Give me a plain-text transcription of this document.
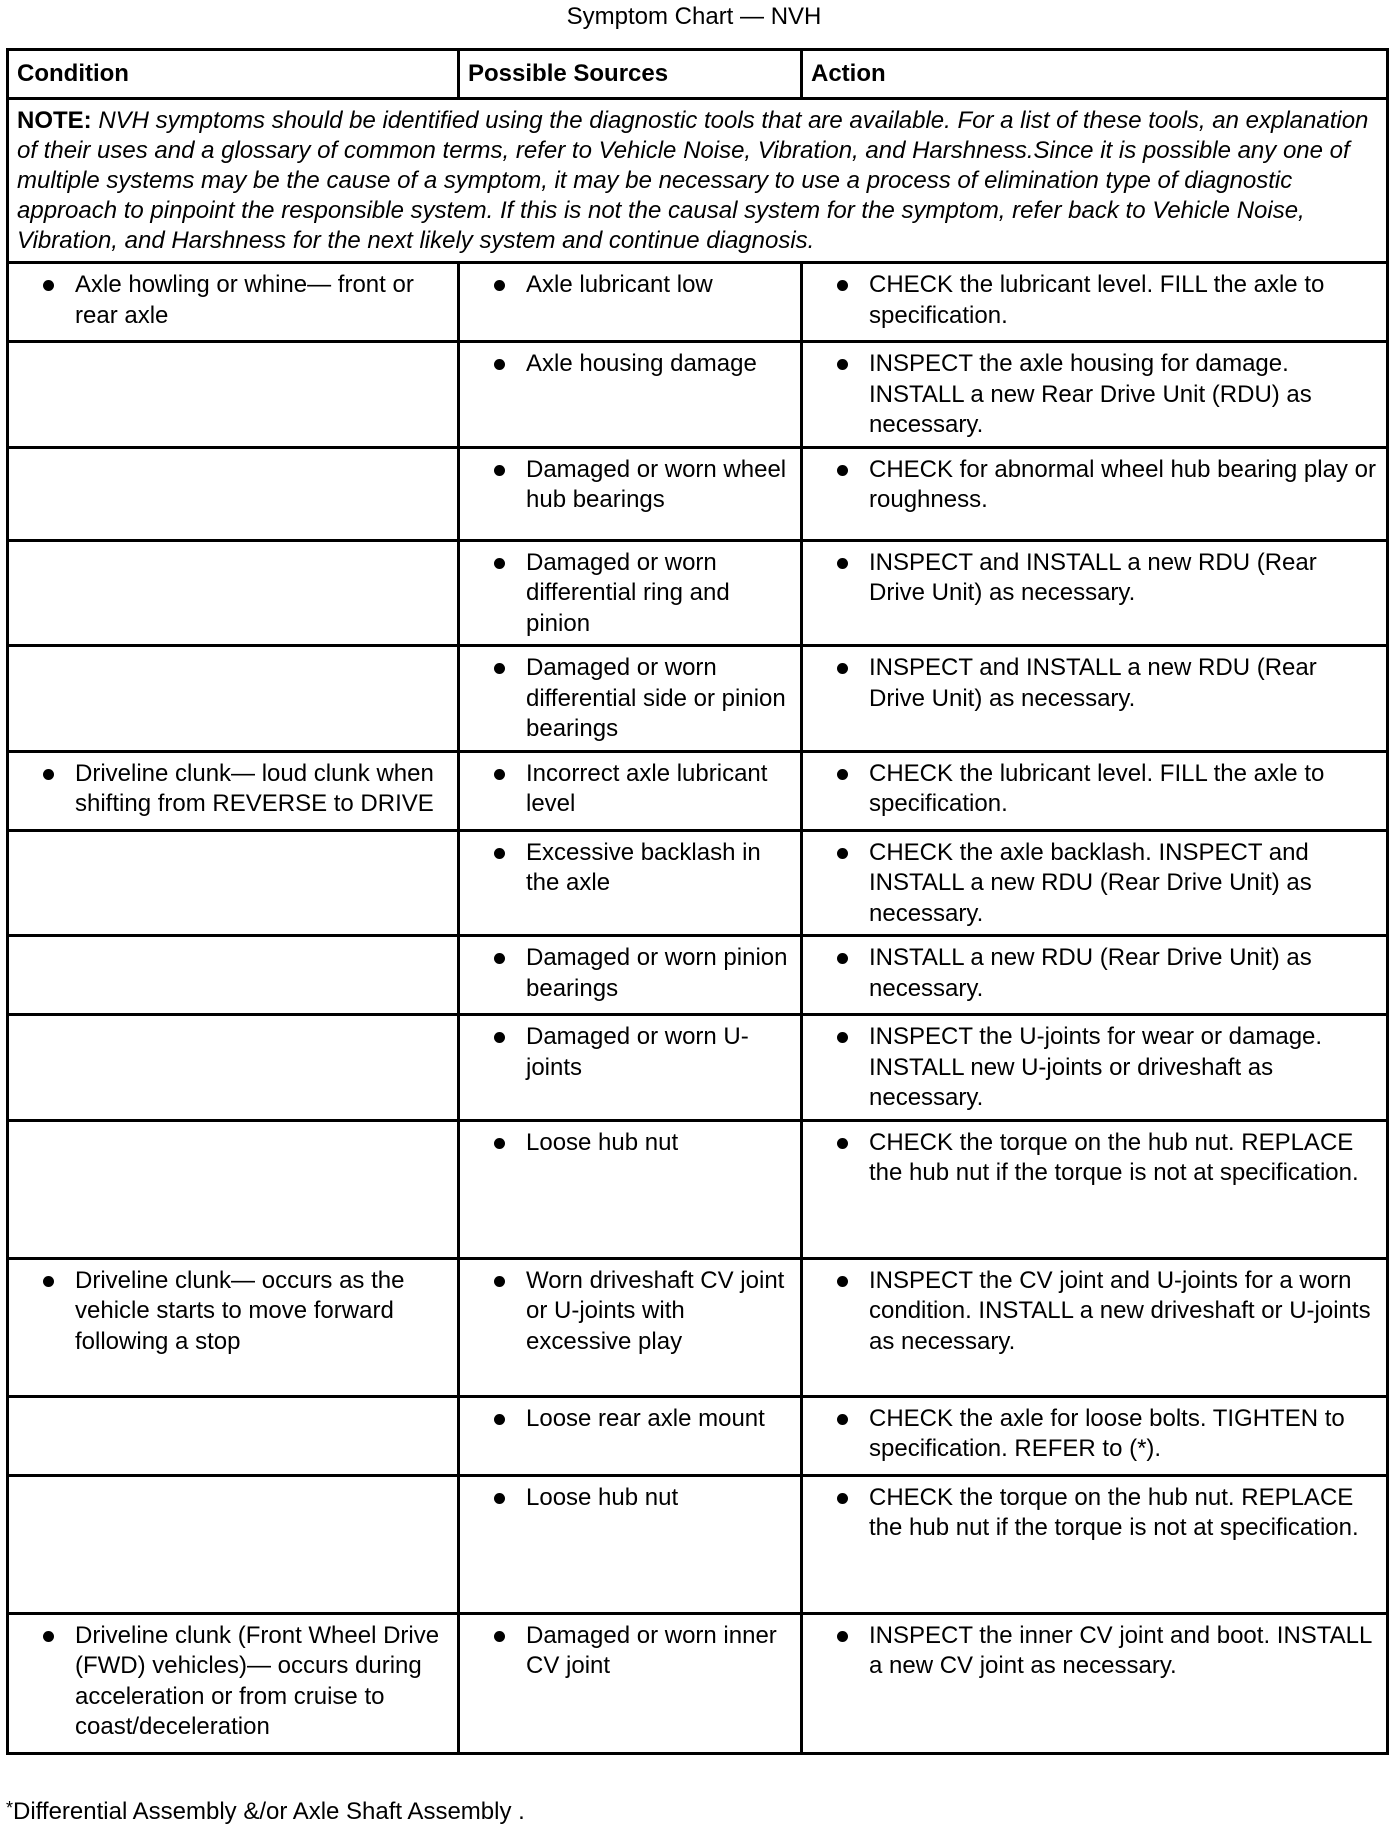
Symptom Chart — NVH
Condition	Possible Sources	Action
NOTE: NVH symptoms should be identified using the diagnostic tools that are available. For a list of these tools, an explanation of their uses and a glossary of common terms, refer to Vehicle Noise, Vibration, and Harshness.Since it is possible any one of multiple systems may be the cause of a symptom, it may be necessary to use a process of elimination type of diagnostic approach to pinpoint the responsible system. If this is not the causal system for the symptom, refer back to Vehicle Noise, Vibration, and Harshness for the next likely system and continue diagnosis.		

Axle howling or whine— front or rear axle	Axle lubricant low	CHECK the lubricant level. FILL the axle to specification.

	Axle housing damage	INSPECT the axle housing for damage. INSTALL a new Rear Drive Unit (RDU) as necessary.

	Damaged or worn wheel hub bearings	CHECK for abnormal wheel hub bearing play or roughness.

	Damaged or worn differential ring and pinion	INSPECT and INSTALL a new RDU (Rear Drive Unit) as necessary.

	Damaged or worn differential side or pinion bearings	INSPECT and INSTALL a new RDU (Rear Drive Unit) as necessary.

Driveline clunk— loud clunk when shifting from REVERSE to DRIVE	Incorrect axle lubricant level	CHECK the lubricant level. FILL the axle to specification.

	Excessive backlash in the axle	CHECK the axle backlash. INSPECT and INSTALL a new RDU (Rear Drive Unit) as necessary.

	Damaged or worn pinion bearings	INSTALL a new RDU (Rear Drive Unit) as necessary.

	Damaged or worn U-joints	INSPECT the U-joints for wear or damage. INSTALL new U-joints or driveshaft as necessary.

	Loose hub nut	CHECK the torque on the hub nut. REPLACE the hub nut if the torque is not at specification.

Driveline clunk— occurs as the vehicle starts to move forward following a stop	Worn driveshaft CV joint or U-joints with excessive play	INSPECT the CV joint and U-joints for a worn condition. INSTALL a new driveshaft or U-joints as necessary.

	Loose rear axle mount	CHECK the axle for loose bolts. TIGHTEN to specification. REFER to (*).

	Loose hub nut	CHECK the torque on the hub nut. REPLACE the hub nut if the torque is not at specification.

Driveline clunk (Front Wheel Drive (FWD) vehicles)— occurs during acceleration or from cruise to coast/deceleration	Damaged or worn inner CV joint	INSPECT the inner CV joint and boot. INSTALL a new CV joint as necessary.
*Differential Assembly &/or Axle Shaft Assembly .
